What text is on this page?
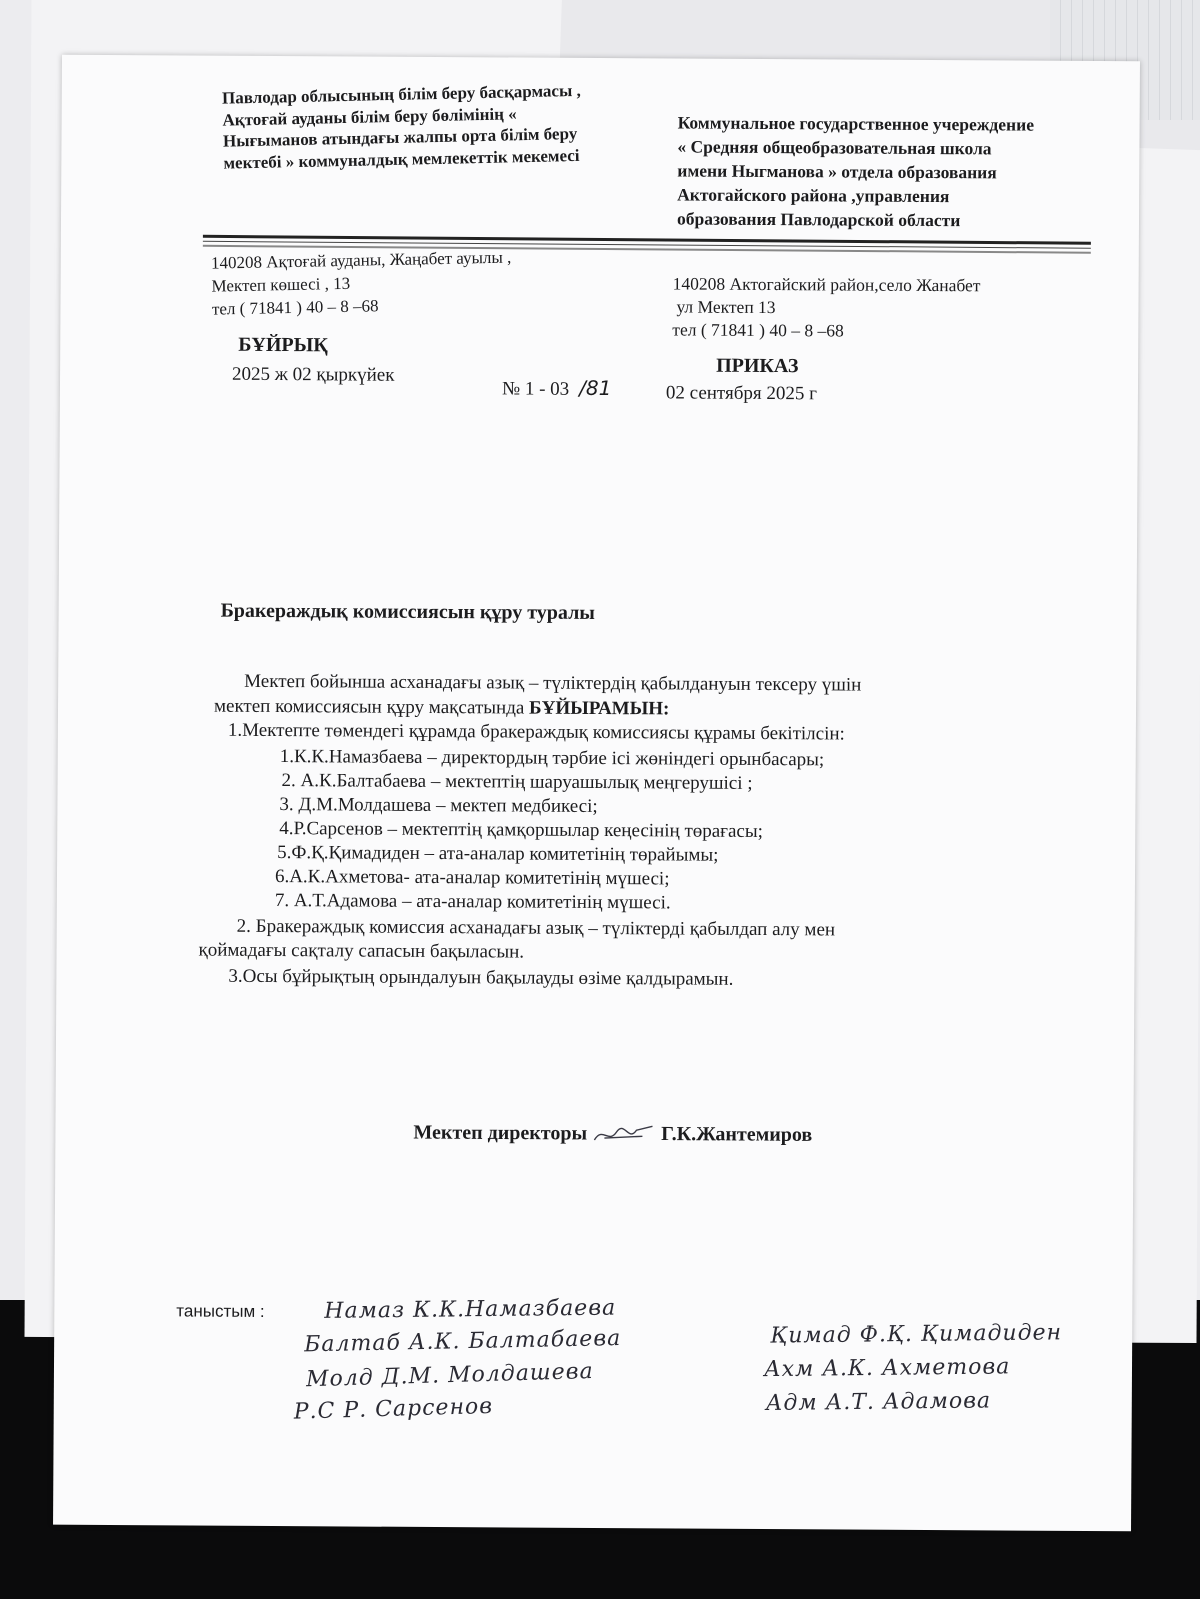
Павлодар облысының білім беру басқармасы , Ақтоғай ауданы білім беру бөлімінің « Нығыманов атындағы жалпы орта білім беру мектебі » коммуналдық мемлекеттік мекемесі
Коммунальное государственное учереждение « Средняя общеобразовательная школа имени Ныгманова » отдела образования Актогайского района ,управления образования Павлодарской области
140208 Ақтоғай ауданы, Жаңабет ауылы ,
Мектеп көшесі , 13
тел ( 71841 ) 40 – 8 –68
140208 Актогайский район,село Жанабет
ул Мектеп 13
тел ( 71841 ) 40 – 8 –68
БҰЙРЫҚ
2025 ж 02 қыркүйек
№ 1 - 03 /81
ПРИКАЗ
02 сентября 2025 г
Бракераждық комиссиясын құру туралы
Мектеп бойынша асханадағы азық – түліктердің қабылдануын тексеру үшін
мектеп комиссиясын құру мақсатында БҰЙЫРАМЫН:
1.Мектепте төмендегі құрамда бракераждық комиссиясы құрамы бекітілсін:
1.К.К.Намазбаева – директордың тәрбие ісі жөніндегі орынбасары;
2. А.К.Балтабаева – мектептің шаруашылық меңгерушісі ;
3. Д.М.Молдашева – мектеп медбикесі;
4.Р.Сарсенов – мектептің қамқоршылар кеңесінің төрағасы;
5.Ф.Қ.Қимадиден – ата-аналар комитетінің төрайымы;
6.А.К.Ахметова- ата-аналар комитетінің мүшесі;
7. А.Т.Адамова – ата-аналар комитетінің мүшесі.
2. Бракераждық комиссия асханадағы азық – түліктерді қабылдап алу мен
қоймадағы сақталу сапасын бақыласын.
3.Осы бұйрықтың орындалуын бақылауды өзіме қалдырамын.
Мектеп директоры	Г.К.Жантемиров
таныстым :	Намаз К.К.Намазбаева
Балтаб А.К. Балтабаева
Молд Д.М. Молдашева
Р.С Р. Сарсенов
Қимад Ф.Қ. Қимадиден
Ахм А.К. Ахметова
Адм А.Т. Адамова
